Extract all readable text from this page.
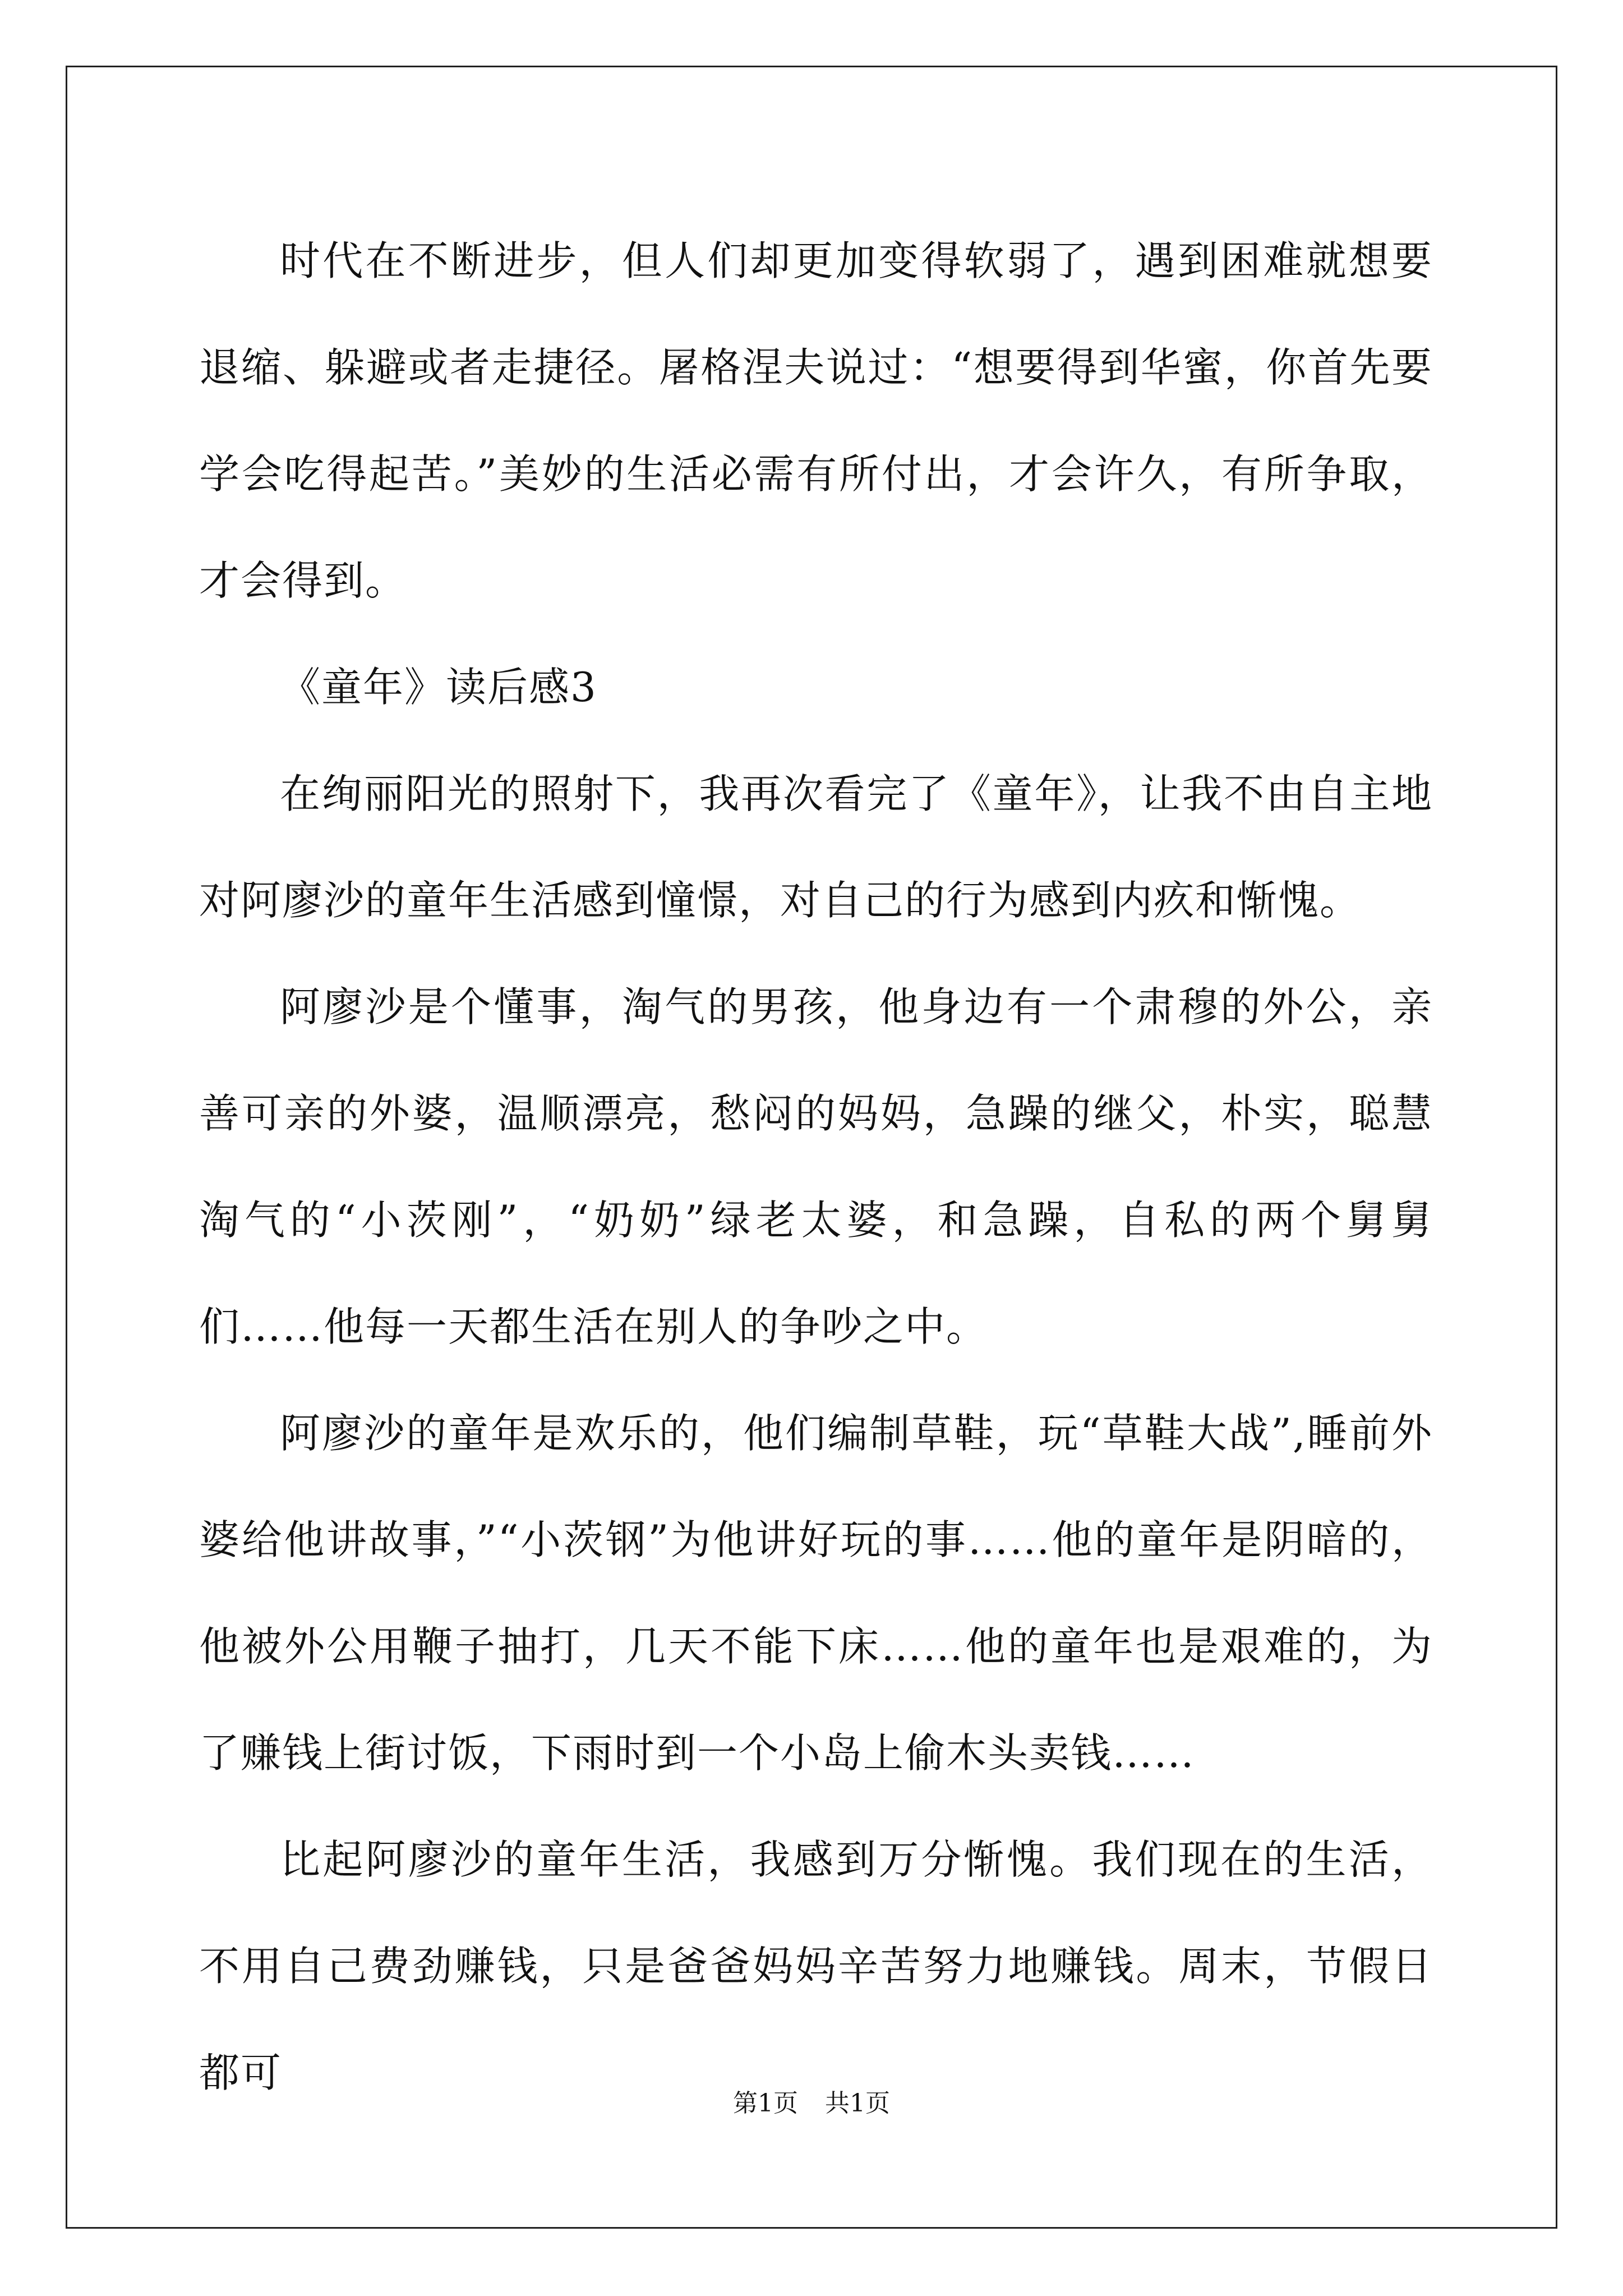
时代在不断进步，但人们却更加变得软弱了，遇到困难就想要退缩、躲避或者走捷径。屠格涅夫说过：“想要得到华蜜，你首先要学会吃得起苦。”美妙的生活必需有所付出，才会许久，有所争取，才会得到。

《童年》读后感3

在绚丽阳光的照射下，我再次看完了《童年》，让我不由自主地对阿廖沙的童年生活感到憧憬，对自己的行为感到内疚和惭愧。

阿廖沙是个懂事，淘气的男孩，他身边有一个肃穆的外公，亲善可亲的外婆，温顺漂亮，愁闷的妈妈，急躁的继父，朴实，聪慧淘气的“小茨刚”，“奶奶”绿老太婆，和急躁，自私的两个舅舅们……他每一天都生活在别人的争吵之中。

阿廖沙的童年是欢乐的，他们编制草鞋，玩“草鞋大战”,睡前外婆给他讲故事，”“小茨钢”为他讲好玩的事……他的童年是阴暗的，他被外公用鞭子抽打，几天不能下床……他的童年也是艰难的，为了赚钱上街讨饭，下雨时到一个小岛上偷木头卖钱……

比起阿廖沙的童年生活，我感到万分惭愧。我们现在的生活，不用自己费劲赚钱，只是爸爸妈妈辛苦努力地赚钱。周末，节假日都可

第1页 共1页
